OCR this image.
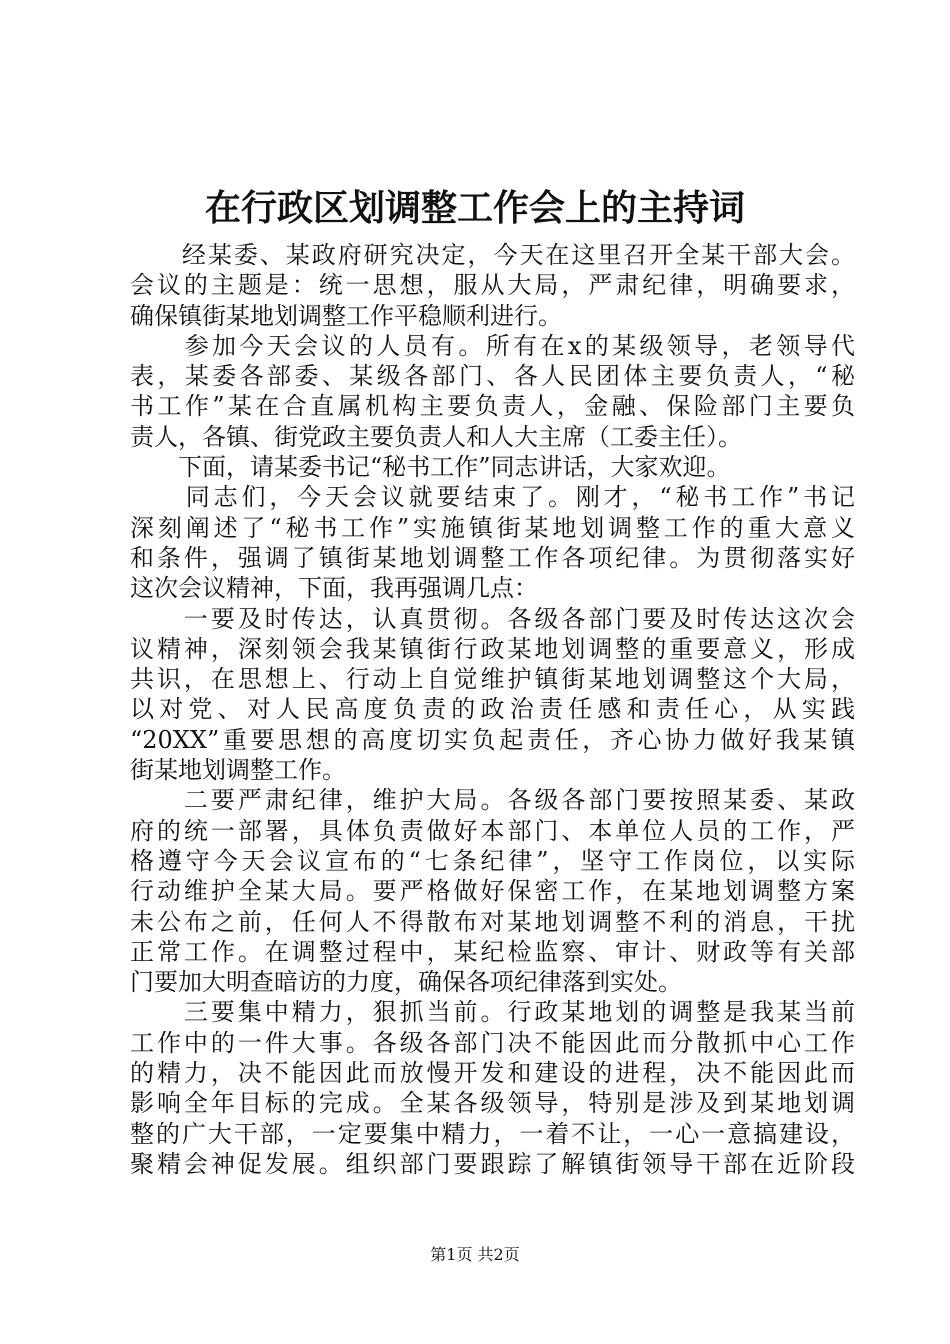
在行政区划调整工作会上的主持词
　　经某委、某政府研究决定，今天在这里召开全某干部大会。
会议的主题是：统一思想，服从大局，严肃纪律，明确要求，
确保镇街某地划调整工作平稳顺利进行。
　　参加今天会议的人员有。所有在x的某级领导，老领导代
表，某委各部委、某级各部门、各人民团体主要负责人，“秘
书工作”某在合直属机构主要负责人，金融、保险部门主要负
责人，各镇、街党政主要负责人和人大主席（工委主任）。
　　下面，请某委书记“秘书工作”同志讲话，大家欢迎。
　　同志们，今天会议就要结束了。刚才，“秘书工作”书记
深刻阐述了“秘书工作”实施镇街某地划调整工作的重大意义
和条件，强调了镇街某地划调整工作各项纪律。为贯彻落实好
这次会议精神，下面，我再强调几点：
　　一要及时传达，认真贯彻。各级各部门要及时传达这次会
议精神，深刻领会我某镇街行政某地划调整的重要意义，形成
共识，在思想上、行动上自觉维护镇街某地划调整这个大局，
以对党、对人民高度负责的政治责任感和责任心，从实践
“20XX”重要思想的高度切实负起责任，齐心协力做好我某镇
街某地划调整工作。
　　二要严肃纪律，维护大局。各级各部门要按照某委、某政
府的统一部署，具体负责做好本部门、本单位人员的工作，严
格遵守今天会议宣布的“七条纪律”，坚守工作岗位，以实际
行动维护全某大局。要严格做好保密工作，在某地划调整方案
未公布之前，任何人不得散布对某地划调整不利的消息，干扰
正常工作。在调整过程中，某纪检监察、审计、财政等有关部
门要加大明查暗访的力度，确保各项纪律落到实处。
　　三要集中精力，狠抓当前。行政某地划的调整是我某当前
工作中的一件大事。各级各部门决不能因此而分散抓中心工作
的精力，决不能因此而放慢开发和建设的进程，决不能因此而
影响全年目标的完成。全某各级领导，特别是涉及到某地划调
整的广大干部，一定要集中精力，一着不让，一心一意搞建设，
聚精会神促发展。组织部门要跟踪了解镇街领导干部在近阶段
第1页 共2页
